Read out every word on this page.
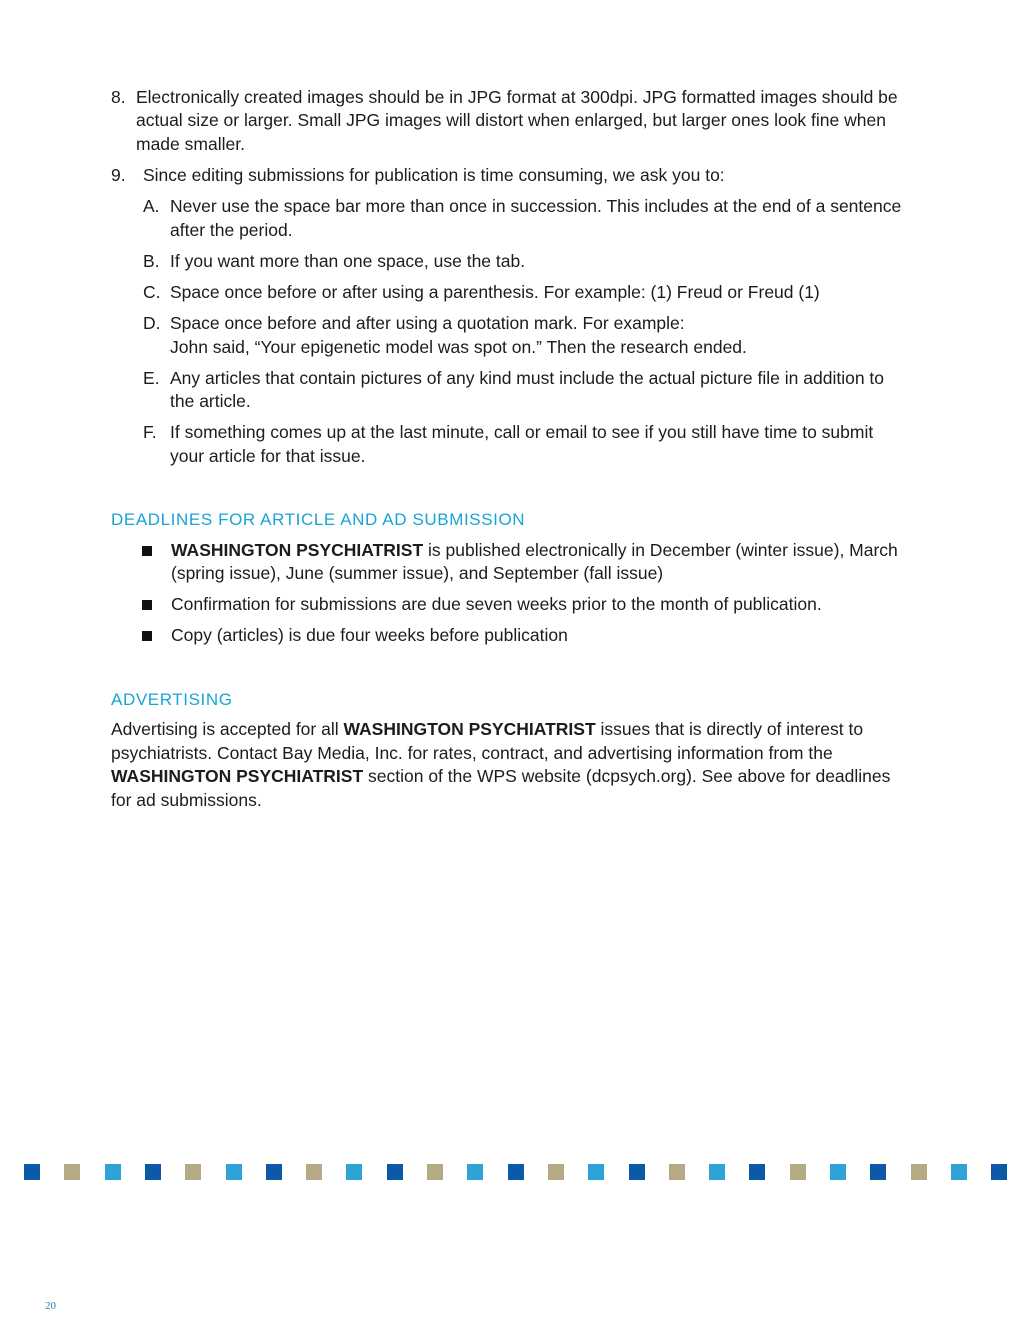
8. Electronically created images should be in JPG format at 300dpi. JPG formatted images should be actual size or larger. Small JPG images will distort when enlarged, but larger ones look fine when made smaller.
9. Since editing submissions for publication is time consuming, we ask you to:
A. Never use the space bar more than once in succession. This includes at the end of a sentence after the period.
B. If you want more than one space, use the tab.
C. Space once before or after using a parenthesis. For example: (1) Freud or Freud (1)
D. Space once before and after using a quotation mark. For example:
John said, “Your epigenetic model was spot on.” Then the research ended.
E. Any articles that contain pictures of any kind must include the actual picture file in addition to the article.
F. If something comes up at the last minute, call or email to see if you still have time to submit your article for that issue.
DEADLINES FOR ARTICLE AND AD SUBMISSION
WASHINGTON PSYCHIATRIST is published electronically in December (winter issue), March (spring issue), June (summer issue), and September (fall issue)
Confirmation for submissions are due seven weeks prior to the month of publication.
Copy (articles) is due four weeks before publication
ADVERTISING

Advertising is accepted for all WASHINGTON PSYCHIATRIST issues that is directly of interest to psychiatrists. Contact Bay Media, Inc. for rates, contract, and advertising information from the WASHINGTON PSYCHIATRIST section of the WPS website (dcpsych.org). See above for deadlines for ad submissions.

20
